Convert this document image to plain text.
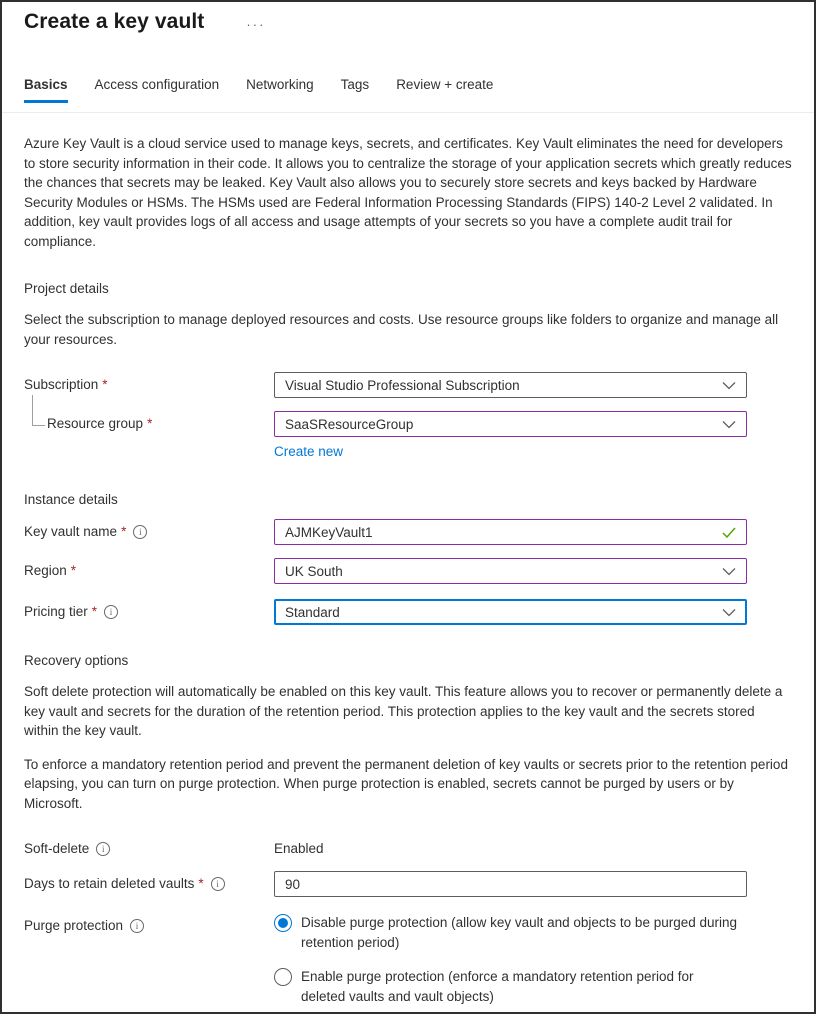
Create a key vault	···
Basics Access configuration Networking Tags Review + create
Azure Key Vault is a cloud service used to manage keys, secrets, and certificates. Key Vault eliminates the need for developers to store security information in their code. It allows you to centralize the storage of your application secrets which greatly reduces the chances that secrets may be leaked. Key Vault also allows you to securely store secrets and keys backed by Hardware Security Modules or HSMs. The HSMs used are Federal Information Processing Standards (FIPS) 140-2 Level 2 validated. In addition, key vault provides logs of all access and usage attempts of your secrets so you have a complete audit trail for compliance.
Project details
Select the subscription to manage deployed resources and costs. Use resource groups like folders to organize and manage all your resources.
Subscription *	Visual Studio Professional Subscription
Resource group *	SaaSResourceGroup
Create new
Instance details
Key vault name *	i	AJMKeyVault1
Region *	UK South
Pricing tier *	i	Standard
Recovery options
Soft delete protection will automatically be enabled on this key vault. This feature allows you to recover or permanently delete a key vault and secrets for the duration of the retention period. This protection applies to the key vault and the secrets stored within the key vault.
To enforce a mandatory retention period and prevent the permanent deletion of key vaults or secrets prior to the retention period elapsing, you can turn on purge protection. When purge protection is enabled, secrets cannot be purged by users or by Microsoft.
Soft-delete	i	Enabled
Days to retain deleted vaults *	i	90
Purge protection	i	Disable purge protection (allow key vault and objects to be purged during retention period)
Enable purge protection (enforce a mandatory retention period for deleted vaults and vault objects)
